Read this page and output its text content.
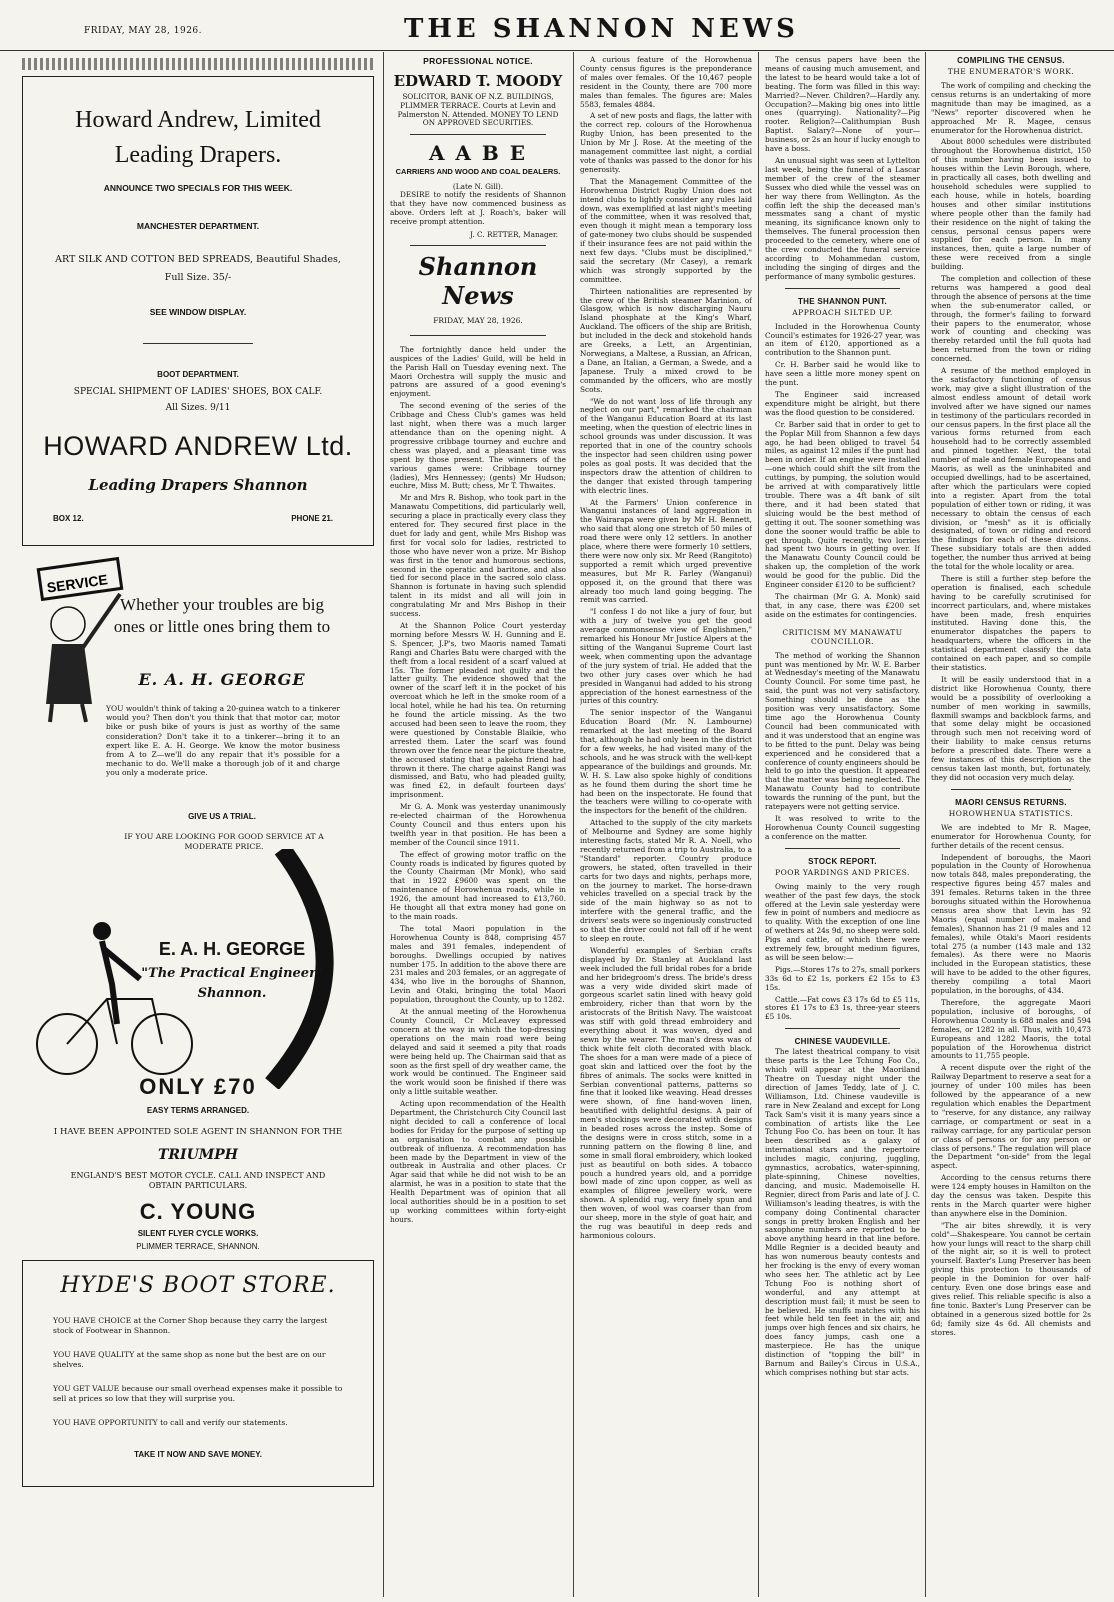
FRIDAY, MAY 28, 1926.	THE SHANNON NEWS
Howard Andrew, Limited
Leading Drapers.
ANNOUNCE TWO SPECIALS FOR THIS WEEK.
MANCHESTER DEPARTMENT.
ART SILK AND COTTON BED SPREADS, Beautiful Shades, Full Size. 35/-
SEE WINDOW DISPLAY.
BOOT DEPARTMENT.
SPECIAL SHIPMENT OF LADIES' SHOES, BOX CALF.
All Sizes. 9/11
HOWARD ANDREW Ltd.
Leading Drapers Shannon
BOX 12.	PHONE 21.
SERVICE
Whether your troubles are big ones or little ones bring them to
E. A. H. GEORGE
YOU wouldn't think of taking a 20-guinea watch to a tinkerer would you? Then don't you think that that motor car, motor bike or push bike of yours is just as worthy of the same consideration? Don't take it to a tinkerer—bring it to an expert like E. A. H. George. We know the motor business from A to Z—we'll do any repair that it's possible for a mechanic to do. We'll make a thorough job of it and charge you only a moderate price.
GIVE US A TRIAL.
IF YOU ARE LOOKING FOR GOOD SERVICE AT A MODERATE PRICE.
E. A. H. GEORGE
"The Practical Engineer"
Shannon.
ONLY £70
EASY TERMS ARRANGED.
I HAVE BEEN APPOINTED SOLE AGENT IN SHANNON FOR THE
TRIUMPH
ENGLAND'S BEST MOTOR CYCLE. CALL AND INSPECT AND OBTAIN PARTICULARS.
C. YOUNG
SILENT FLYER CYCLE WORKS.
PLIMMER TERRACE, SHANNON.
HYDE'S BOOT STORE.
YOU HAVE CHOICE at the Corner Shop because they carry the largest stock of Footwear in Shannon.
YOU HAVE QUALITY at the same shop as none but the best are on our shelves.
YOU GET VALUE because our small overhead expenses make it possible to sell at prices so low that they will surprise you.
YOU HAVE OPPORTUNITY to call and verify our statements.
TAKE IT NOW AND SAVE MONEY.
PROFESSIONAL NOTICE.
EDWARD T. MOODY
SOLICITOR, BANK OF N.Z. BUILDINGS, PLIMMER TERRACE. Courts at Levin and Palmerston N. Attended. MONEY TO LEND ON APPROVED SECURITIES.
A A B E
CARRIERS AND WOOD AND COAL DEALERS.
(Late N. Gill).

DESIRE to notify the residents of Shannon that they have now commenced business as above. Orders left at J. Roach's, baker will receive prompt attention.

J. C. RETTER, Manager.
Shannon News
FRIDAY, MAY 28, 1926.

The fortnightly dance held under the auspices of the Ladies' Guild, will be held in the Parish Hall on Tuesday evening next. The Maori Orchestra will supply the music and patrons are assured of a good evening's enjoyment.

The second evening of the series of the Cribbage and Chess Club's games was held last night, when there was a much larger attendance than on the opening night. A progressive cribbage tourney and euchre and chess was played, and a pleasant time was spent by those present. The winners of the various games were: Cribbage tourney (ladies), Mrs Hennessey; (gents) Mr Hudson; euchre, Miss M. Butt; chess, Mr T. Thwaites.

Mr and Mrs R. Bishop, who took part in the Manawatu Competitions, did particularly well, securing a place in practically every class they entered for. They secured first place in the duet for lady and gent, while Mrs Bishop was first for vocal solo for ladies, restricted to those who have never won a prize. Mr Bishop was first in the tenor and humorous sections, second in the operatic and baritone, and also tied for second place in the sacred solo class. Shannon is fortunate in having such splendid talent in its midst and all will join in congratulating Mr and Mrs Bishop in their success.

At the Shannon Police Court yesterday morning before Messrs W. H. Gunning and E. S. Spencer, J.P's, two Maoris named Tamati Rangi and Charles Batu were charged with the theft from a local resident of a scarf valued at 15s. The former pleaded not guilty and the latter guilty. The evidence showed that the owner of the scarf left it in the pocket of his overcoat which he left in the smoke room of a local hotel, while he had his tea. On returning he found the article missing. As the two accused had been seen to leave the room, they were questioned by Constable Blaikie, who arrested them. Later the scarf was found thrown over the fence near the picture theatre, the accused stating that a pakeha friend had thrown it there. The charge against Rangi was dismissed, and Batu, who had pleaded guilty, was fined £2, in default fourteen days' imprisonment.

Mr G. A. Monk was yesterday unanimously re-elected chairman of the Horowhenua County Council and thus enters upon his twelfth year in that position. He has been a member of the Council since 1911.

The effect of growing motor traffic on the County roads is indicated by figures quoted by the County Chairman (Mr Monk), who said that in 1922 £9600 was spent on the maintenance of Horowhenua roads, while in 1926, the amount had increased to £13,760. He thought all that extra money had gone on to the main roads.

The total Maori population in the Horowhenua County is 848, comprising 457 males and 391 females, independent of boroughs. Dwellings occupied by natives number 175. In addition to the above there are 231 males and 203 females, or an aggregate of 434, who live in the boroughs of Shannon, Levin and Otaki, bringing the total Maori population, throughout the County, up to 1282.

At the annual meeting of the Horowhenua County Council, Cr McLeavey expressed concern at the way in which the top-dressing operations on the main road were being delayed and said it seemed a pity that roads were being held up. The Chairman said that as soon as the first spell of dry weather came, the work would be continued. The Engineer said the work would soon be finished if there was only a little suitable weather.

Acting upon recommendation of the Health Department, the Christchurch City Council last night decided to call a conference of local bodies for Friday for the purpose of setting up an organisation to combat any possible outbreak of influenza. A recommendation has been made by the Department in view of the outbreak in Australia and other places. Cr Agar said that while he did not wish to be an alarmist, he was in a position to state that the Health Department was of opinion that all local authorities should be in a position to set up working committees within forty-eight hours.

A curious feature of the Horowhenua County census figures is the preponderance of males over females. Of the 10,467 people resident in the County, there are 700 more males than females. The figures are: Males 5583, females 4884.

A set of new posts and flags, the latter with the correct rep. colours of the Horowhenua Rugby Union, has been presented to the Union by Mr J. Rose. At the meeting of the management committee last night, a cordial vote of thanks was passed to the donor for his generosity.

That the Management Committee of the Horowhenua District Rugby Union does not intend clubs to lightly consider any rules laid down, was exemplified at last night's meeting of the committee, when it was resolved that, even though it might mean a temporary loss of gate-money two clubs should be suspended if their insurance fees are not paid within the next few days. "Clubs must be disciplined," said the secretary (Mr Casey), a remark which was strongly supported by the committee.

Thirteen nationalities are represented by the crew of the British steamer Marinion, of Glasgow, which is now discharging Nauru Island phosphate at the King's Wharf, Auckland. The officers of the ship are British, but included in the deck and stokehold hands are Greeks, a Lett, an Argentinian, Norwegians, a Maltese, a Russian, an African, a Dane, an Italian, a German, a Swede, and a Japanese. Truly a mixed crowd to be commanded by the officers, who are mostly Scots.

"We do not want loss of life through any neglect on our part," remarked the chairman of the Wanganui Education Board at its last meeting, when the question of electric lines in school grounds was under discussion. It was reported that in one of the country schools the inspector had seen children using power poles as goal posts. It was decided that the inspectors draw the attention of children to the danger that existed through tampering with electric lines.

At the Farmers' Union conference in Wanganui instances of land aggregation in the Wairarapa were given by Mr H. Bennett, who said that along one stretch of 50 miles of road there were only 12 settlers. In another place, where there were formerly 10 settlers, there were now only six. Mr Reed (Rangitoto) supported a remit which urged preventive measures, but Mr R. Farley (Wanganui) opposed it, on the ground that there was already too much land going begging. The remit was carried.

"I confess I do not like a jury of four, but with a jury of twelve you get the good average commonsense view of Englishmen," remarked his Honour Mr Justice Alpers at the sitting of the Wanganui Supreme Court last week, when commenting upon the advantage of the jury system of trial. He added that the two other jury cases over which he had presided in Wanganui had added to his strong appreciation of the honest earnestness of the juries of this country.

The senior inspector of the Wanganui Education Board (Mr. N. Lambourne) remarked at the last meeting of the Board that, although he had only been in the district for a few weeks, he had visited many of the schools, and he was struck with the well-kept appearance of the buildings and grounds. Mr. W. H. S. Law also spoke highly of conditions as he found them during the short time he had been on the inspectorate. He found that the teachers were willing to co-operate with the inspectors for the benefit of the children.

Attached to the supply of the city markets of Melbourne and Sydney are some highly interesting facts, stated Mr R. A. Noell, who recently returned from a trip to Australia, to a "Standard" reporter. Country produce growers, he stated, often travelled in their carts for two days and nights, perhaps more, on the journey to market. The horse-drawn vehicles travelled on a special track by the side of the main highway so as not to interfere with the general traffic, and the drivers' seats were so ingeniously constructed so that the driver could not fall off if he went to sleep en route.

Wonderful examples of Serbian crafts displayed by Dr. Stanley at Auckland last week included the full bridal robes for a bride and her bridegroom's dress. The bride's dress was a very wide divided skirt made of gorgeous scarlet satin lined with heavy gold embroidery, richer than that worn by the aristocrats of the British Navy. The waistcoat was stiff with gold thread embroidery and everything about it was woven, dyed and sewn by the wearer. The man's dress was of thick white felt cloth decorated with black. The shoes for a man were made of a piece of goat skin and latticed over the foot by the fibres of animals. The socks were knitted in Serbian conventional patterns, patterns so fine that it looked like weaving. Head dresses were shown, of fine hand-woven linen, beautified with delightful designs. A pair of men's stockings were decorated with designs in beaded roses across the instep. Some of the designs were in cross stitch, some in a running pattern on the flowing 8 line, and some in small floral embroidery, which looked just as beautiful on both sides. A tobacco pouch a hundred years old, and a porridge bowl made of zinc upon copper, as well as examples of filigree jewellery work, were shown. A splendid rug, very finely spun and then woven, of wool was coarser than from our sheep, more in the style of goat hair, and the rug was beautiful in deep reds and harmonious colours.

The census papers have been the means of causing much amusement, and the latest to be heard would take a lot of beating. The form was filled in this way: Married?—Never. Children?—Hardly any. Occupation?—Making big ones into little ones (quarrying). Nationality?—Pig rooter. Religion?—Calithumpian Bush Baptist. Salary?—None of your—business, or 2s an hour if lucky enough to have a boss.

An unusual sight was seen at Lyttelton last week, being the funeral of a Lascar member of the crew of the steamer Sussex who died while the vessel was on her way there from Wellington. As the coffin left the ship the deceased man's messmates sang a chant of mystic meaning, its significance known only to themselves. The funeral procession then proceeded to the cemetery, where one of the crew conducted the funeral service according to Mohammedan custom, including the singing of dirges and the performance of many symbolic gestures.

THE SHANNON PUNT.
APPROACH SILTED UP.

Included in the Horowhenua County Council's estimates for 1926-27 year, was an item of £120, apportioned as a contribution to the Shannon punt.

Cr. H. Barber said he would like to have seen a little more money spent on the punt.

The Engineer said increased expenditure might be alright, but there was the flood question to be considered.

Cr. Barber said that in order to get to the Poplar Mill from Shannon a few days ago, he had been obliged to travel 54 miles, as against 12 miles if the punt had been in order. If an engine were installed—one which could shift the silt from the cuttings, by pumping, the solution would be arrived at with comparatively little trouble. There was a 4ft bank of silt there, and it had been stated that sluicing would be the best method of getting it out. The sooner something was done the sooner would traffic be able to get through. Quite recently, two lorries had spent two hours in getting over. If the Manawatu County Council could be shaken up, the completion of the work would be good for the public. Did the Engineer consider £120 to be sufficient?

The chairman (Mr G. A. Monk) said that, in any case, there was £200 set aside on the estimates for contingencies.

CRITICISM MY MANAWATU COUNCILLOR.

The method of working the Shannon punt was mentioned by Mr. W. E. Barber at Wednesday's meeting of the Manawatu County Council. For some time past, he said, the punt was not very satisfactory. Something should be done as the position was very unsatisfactory. Some time ago the Horowhenua County Council had been communicated with and it was understood that an engine was to be fitted to the punt. Delay was being experienced and he considered that a conference of county engineers should be held to go into the question. It appeared that the matter was being neglected. The Manawatu County had to contribute towards the running of the punt, but the ratepayers were not getting service.

It was resolved to write to the Horowhenua County Council suggesting a conference on the matter.

STOCK REPORT.
POOR YARDINGS AND PRICES.

Owing mainly to the very rough weather of the past few days, the stock offered at the Levin sale yesterday were few in point of numbers and mediocre as to quality. With the exception of one line of wethers at 24s 9d, no sheep were sold. Pigs and cattle, of which there were extremely few, brought medium figures, as will be seen below:—

Pigs.—Stores 17s to 27s, small porkers 33s 6d to £2 1s, porkers £2 15s to £3 15s.

Cattle.—Fat cows £3 17s 6d to £5 11s, stores £1 17s to £3 1s, three-year steers £5 10s.

CHINESE VAUDEVILLE.

The latest theatrical company to visit these parts is the Lee Tchung Foo Co., which will appear at the Maoriland Theatre on Tuesday night under the direction of James Teddy, late of J. C. Williamson, Ltd. Chinese vaudeville is rare in New Zealand and except for Long Tack Sam's visit it is many years since a combination of artists like the Lee Tchung Foo Co. has been on tour. It has been described as a galaxy of international stars and the repertoire includes magic, conjuring, juggling, gymnastics, acrobatics, water-spinning, plate-spinning, Chinese novelties, dancing, and music. Mademoiselle H. Regnier, direct from Paris and late of J. C. Williamson's leading theatres, is with the company doing Continental character songs in pretty broken English and her saxophone numbers are reported to be above anything heard in that line before. Mdlle Regnier is a decided beauty and has won numerous beauty contests and her frocking is the envy of every woman who sees her. The athletic act by Lee Tchung Foo is nothing short of wonderful, and any attempt at description must fail; it must be seen to be believed. He snuffs matches with his feet while held ten feet in the air, and jumps over high fences and six chairs, he does fancy jumps, cash one a masterpiece. He has the unique distinction of "topping the bill" in Barnum and Bailey's Circus in U.S.A., which comprises nothing but star acts.

COMPILING THE CENSUS.
THE ENUMERATOR'S WORK.

The work of compiling and checking the census returns is an undertaking of more magnitude than may be imagined, as a "News" reporter discovered when he approached Mr R. Magee, census enumerator for the Horowhenua district.

About 8000 schedules were distributed throughout the Horowhenua district, 150 of this number having been issued to houses within the Levin Borough, where, in practically all cases, both dwelling and household schedules were supplied to each house, while in hotels, boarding houses and other similar institutions where people other than the family had their residence on the night of taking the census, personal census papers were supplied for each person. In many instances, then, quite a large number of these were received from a single building.

The completion and collection of these returns was hampered a good deal through the absence of persons at the time when the sub-enumerator called, or through, the former's failing to forward their papers to the enumerator, whose work of counting and checking was thereby retarded until the full quota had been returned from the town or riding concerned.

A resume of the method employed in the satisfactory functioning of census work, may give a slight illustration of the almost endless amount of detail work involved after we have signed our names in testimony of the particulars recorded in our census papers. In the first place all the various forms returned from each household had to be correctly assembled and pinned together. Next, the total number of male and female Europeans and Maoris, as well as the uninhabited and occupied dwellings, had to be ascertained, after which the particulars were copied into a register. Apart from the total population of either town or riding, it was necessary to obtain the census of each division, or "mesh" as it is officially designated, of town or riding and record the findings for each of these divisions. These subsidiary totals are then added together, the number thus arrived at being the total for the whole locality or area.

There is still a further step before the operation is finalised, each schedule having to be carefully scrutinised for incorrect particulars, and, where mistakes have been made, fresh enquiries instituted. Having done this, the enumerator dispatches the papers to headquarters, where the officers in the statistical department classify the data contained on each paper, and so compile their statistics.

It will be easily understood that in a district like Horowhenua County, there would be a possibility of overlooking a number of men working in sawmills, flaxmill swamps and backblock farms, and that some delay might be occasioned through such men not receiving word of their liability to make census returns before a prescribed date. There were a few instances of this description as the census taken last month, but, fortunately, they did not occasion very much delay.

MAORI CENSUS RETURNS.
HOROWHENUA STATISTICS.

We are indebted to Mr R. Magee, enumerator for Horowhenua County, for further details of the recent census.

Independent of boroughs, the Maori population in the County of Horowhenua now totals 848, males preponderating, the respective figures being 457 males and 391 females. Returns taken in the three boroughs situated within the Horowhenua census area show that Levin has 92 Maoris (equal number of males and females), Shannon has 21 (9 males and 12 females), while Otaki's Maori residents total 275 (a number (143 male and 132 females). As there were no Maoris included in the European statistics, these will have to be added to the other figures, thereby compiling a total Maori population, in the boroughs, of 434.

Therefore, the aggregate Maori population, inclusive of boroughs, of Horowhenua County is 688 males and 594 females, or 1282 in all. Thus, with 10,473 Europeans and 1282 Maoris, the total population of the Horowhenua district amounts to 11,755 people.

A recent dispute over the right of the Railway Department to reserve a seat for a journey of under 100 miles has been followed by the appearance of a new regulation which enables the Department to "reserve, for any distance, any railway carriage, or compartment or seat in a railway carriage, for any particular person or class of persons or for any person or class of persons." The regulation will place the Department "on-side" from the legal aspect.

According to the census returns there were 124 empty houses in Hamilton on the day the census was taken. Despite this rents in the March quarter were higher than anywhere else in the Dominion.

"The air bites shrewdly, it is very cold"—Shakespeare. You cannot be certain how your lungs will react to the sharp chill of the night air, so it is well to protect yourself. Baxter's Lung Preserver has been giving this protection to thousands of people in the Dominion for over half-century. Even one dose brings ease and gives relief. This reliable specific is also a fine tonic. Baxter's Lung Preserver can be obtained in a generous sized bottle for 2s 6d; family size 4s 6d. All chemists and stores.
